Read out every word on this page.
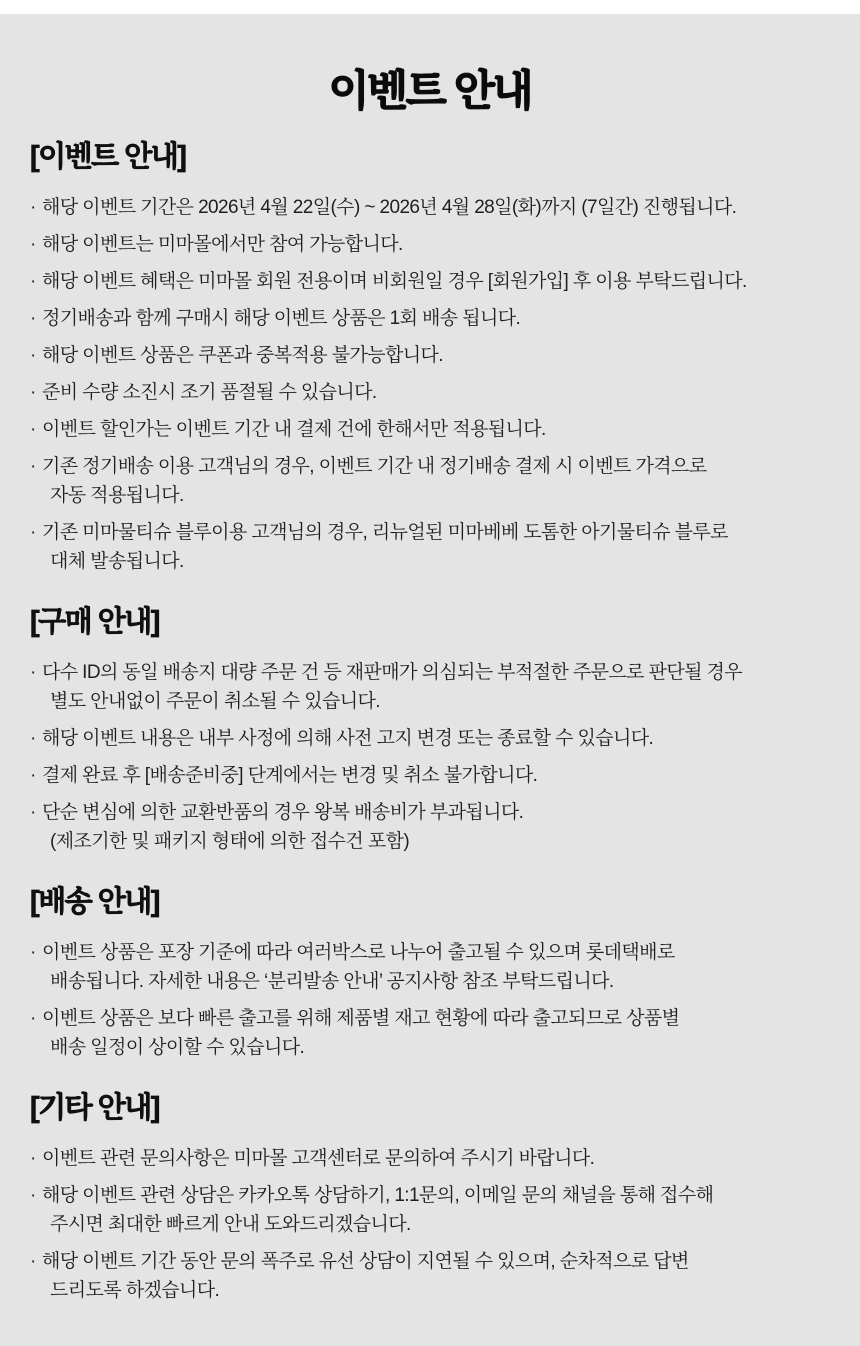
이벤트 안내
[이벤트 안내]
· 해당 이벤트 기간은 2026년 4월 22일(수) ~ 2026년 4월 28일(화)까지 (7일간) 진행됩니다.
· 해당 이벤트는 미마몰에서만 참여 가능합니다.
· 해당 이벤트 혜택은 미마몰 회원 전용이며 비회원일 경우 [회원가입] 후 이용 부탁드립니다.
· 정기배송과 함께 구매시 해당 이벤트 상품은 1회 배송 됩니다.
· 해당 이벤트 상품은 쿠폰과 중복적용 불가능합니다.
· 준비 수량 소진시 조기 품절될 수 있습니다.
· 이벤트 할인가는 이벤트 기간 내 결제 건에 한해서만 적용됩니다.
· 기존 정기배송 이용 고객님의 경우, 이벤트 기간 내 정기배송 결제 시 이벤트 가격으로
자동 적용됩니다.
· 기존 미마물티슈 블루이용 고객님의 경우, 리뉴얼된 미마베베 도톰한 아기물티슈 블루로
대체 발송됩니다.
[구매 안내]
· 다수 ID의 동일 배송지 대량 주문 건 등 재판매가 의심되는 부적절한 주문으로 판단될 경우
별도 안내없이 주문이 취소될 수 있습니다.
· 해당 이벤트 내용은 내부 사정에 의해 사전 고지 변경 또는 종료할 수 있습니다.
· 결제 완료 후 [배송준비중] 단계에서는 변경 및 취소 불가합니다.
· 단순 변심에 의한 교환반품의 경우 왕복 배송비가 부과됩니다.
(제조기한 및 패키지 형태에 의한 접수건 포함)
[배송 안내]
· 이벤트 상품은 포장 기준에 따라 여러박스로 나누어 출고될 수 있으며 롯데택배로
배송됩니다. 자세한 내용은 ‘분리발송 안내’ 공지사항 참조 부탁드립니다.
· 이벤트 상품은 보다 빠른 출고를 위해 제품별 재고 현황에 따라 출고되므로 상품별
배송 일정이 상이할 수 있습니다.
[기타 안내]
· 이벤트 관련 문의사항은 미마몰 고객센터로 문의하여 주시기 바랍니다.
· 해당 이벤트 관련 상담은 카카오톡 상담하기, 1:1문의, 이메일 문의 채널을 통해 접수해
주시면 최대한 빠르게 안내 도와드리겠습니다.
· 해당 이벤트 기간 동안 문의 폭주로 유선 상담이 지연될 수 있으며, 순차적으로 답변
드리도록 하겠습니다.
